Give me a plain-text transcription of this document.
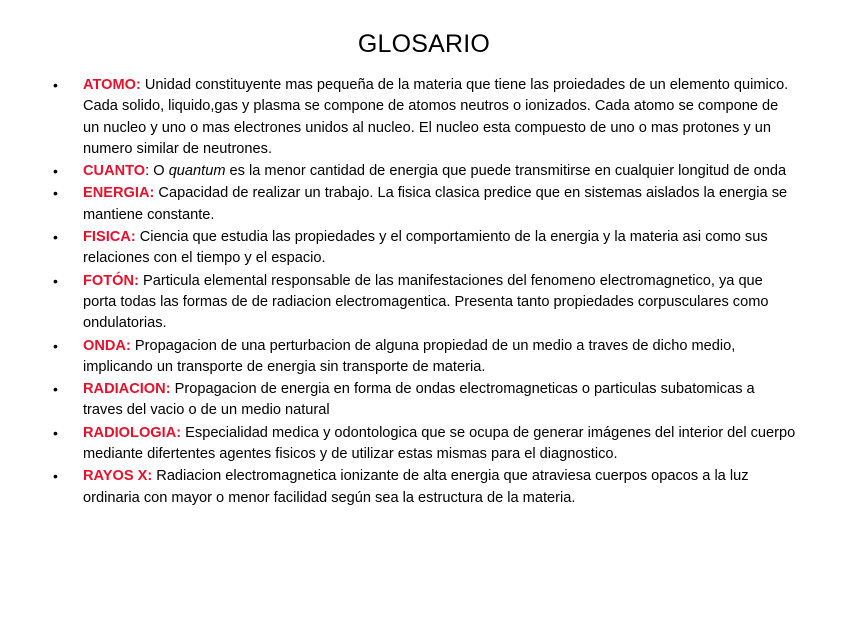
GLOSARIO
• ATOMO: Unidad constituyente mas pequeña de la materia que tiene las proiedades de un elemento quimico. Cada solido, liquido,gas y plasma se compone de atomos neutros o ionizados. Cada atomo se compone de un nucleo y uno o mas electrones unidos al nucleo. El nucleo esta compuesto de uno o mas protones y un numero similar de neutrones.
• CUANTO: O quantum es la menor cantidad de energia que puede transmitirse en cualquier longitud de onda
• ENERGIA: Capacidad de realizar un trabajo. La fisica clasica predice que en sistemas aislados la energia se mantiene constante.
• FISICA: Ciencia que estudia las propiedades y el comportamiento de la energia y la materia asi como sus relaciones con el tiempo y el espacio.
• FOTÓN: Particula elemental responsable de las manifestaciones del fenomeno electromagnetico, ya que porta todas las formas de de radiacion electromagentica. Presenta tanto propiedades corpusculares como ondulatorias.
• ONDA: Propagacion de una perturbacion de alguna propiedad de un medio a traves de dicho medio, implicando un transporte de energia sin transporte de materia.
• RADIACION: Propagacion de energia en forma de ondas electromagneticas o particulas subatomicas a traves del vacio o de un medio natural
• RADIOLOGIA: Especialidad medica y odontologica que se ocupa de generar imágenes del interior del cuerpo mediante difertentes agentes fisicos y de utilizar estas mismas para el diagnostico.
• RAYOS X: Radiacion electromagnetica ionizante de alta energia que atraviesa cuerpos opacos a la luz ordinaria con mayor o menor facilidad según sea la estructura de la materia.
